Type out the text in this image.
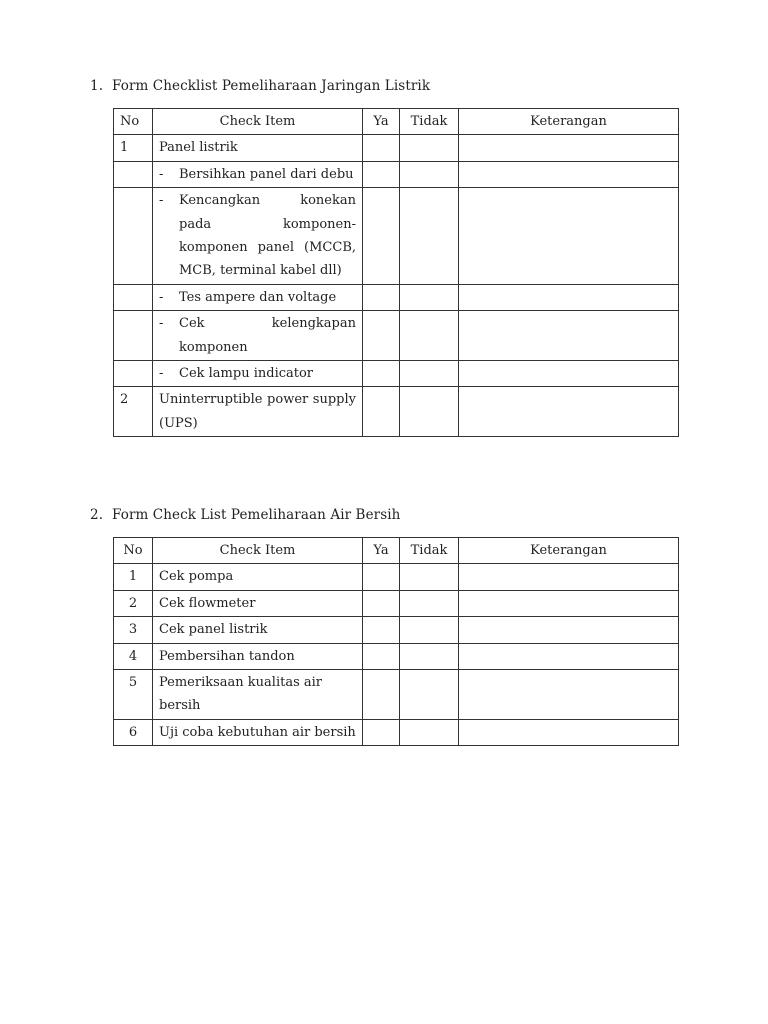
1. Form Checklist Pemeliharaan Jaringan Listrik
No	Check Item	Ya	Tidak	Keterangan
1	Panel listrik			

	- Bersihkan panel dari debu			

	- Kencangkan konekan pada komponen-komponen panel (MCCB, MCB, terminal kabel dll)			

	- Tes ampere dan voltage			

	- Cek kelengkapan komponen			

	- Cek lampu indicator			

2	Uninterruptible power supply (UPS)			
2. Form Check List Pemeliharaan Air Bersih
No	Check Item	Ya	Tidak	Keterangan
1	Cek pompa			
2	Cek flowmeter			
3	Cek panel listrik			
4	Pembersihan tandon			
5	Pemeriksaan kualitas air bersih			
6	Uji coba kebutuhan air bersih			
